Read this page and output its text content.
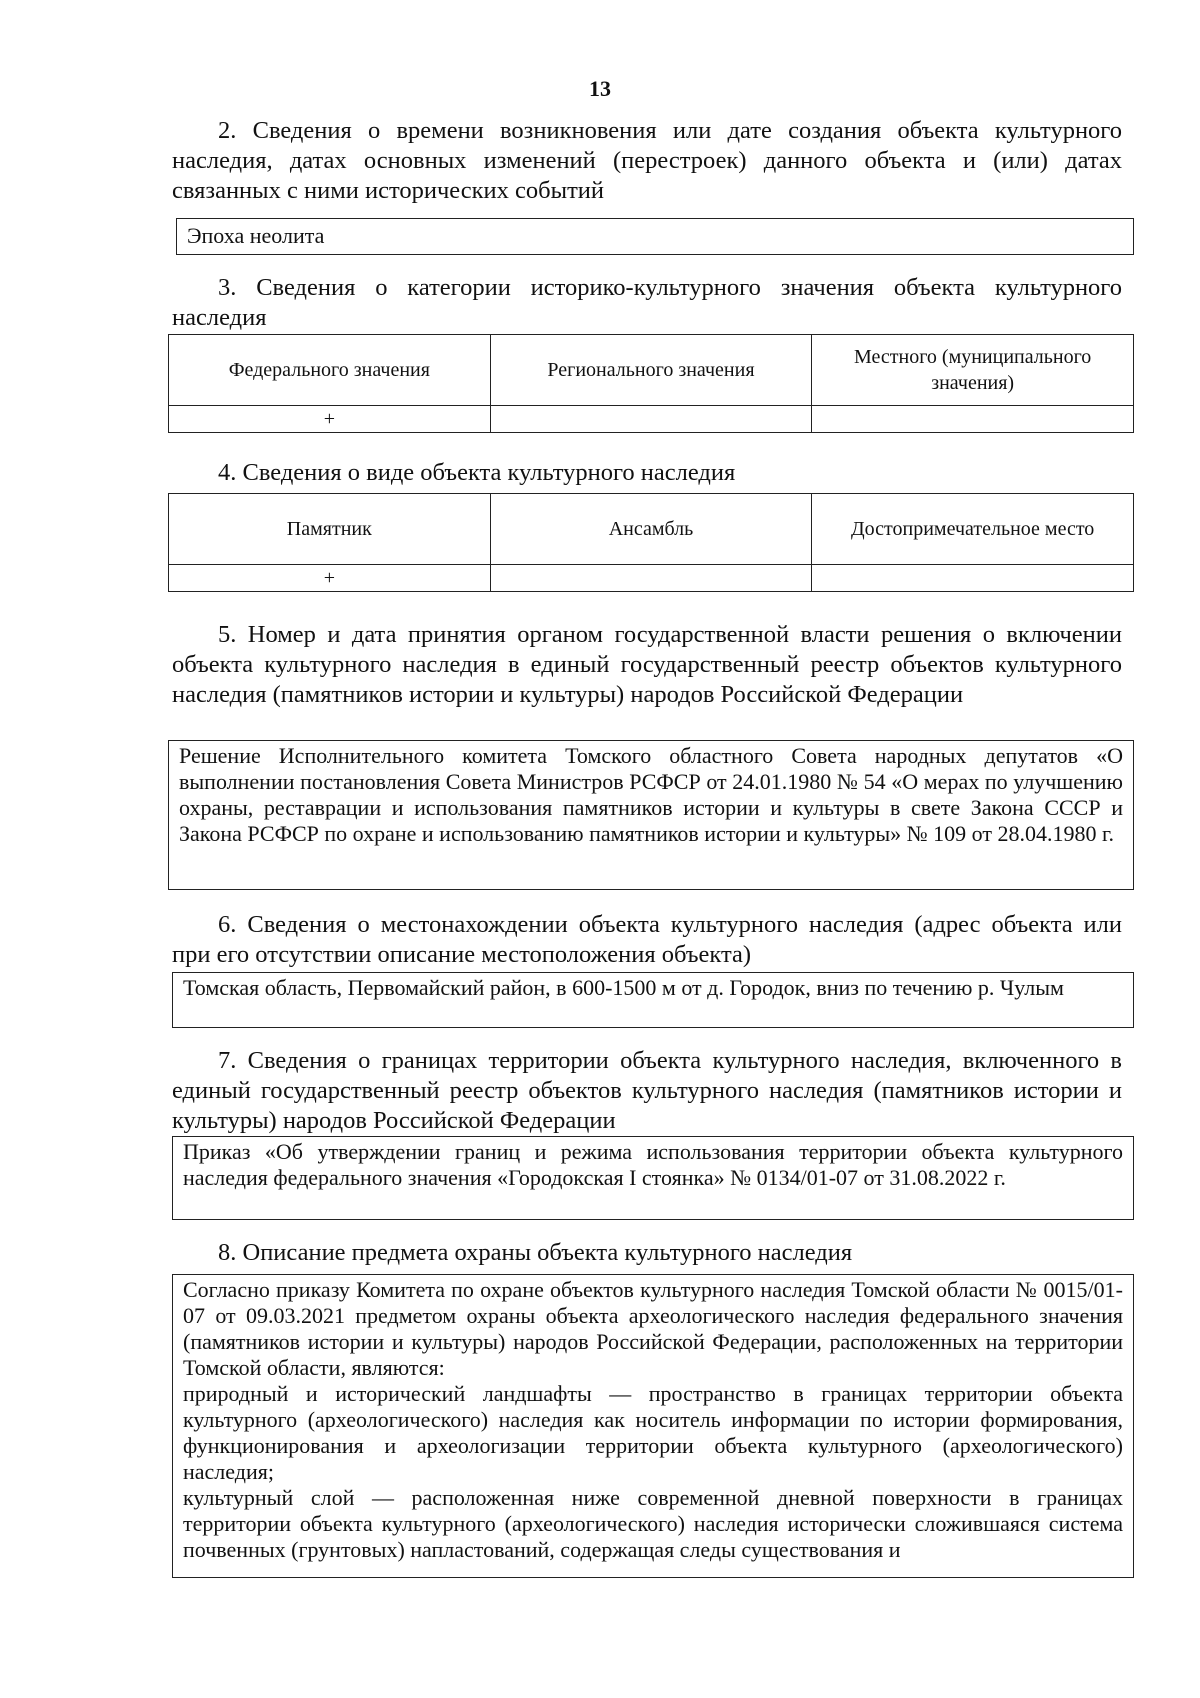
13
2. Сведения о времени возникновения или дате создания объекта культурного наследия, датах основных изменений (перестроек) данного объекта и (или) датах связанных с ними исторических событий
Эпоха неолита
3. Сведения о категории историко-культурного значения объекта культурного наследия
Федерального значения	Регионального значения	Местного (муниципального значения)
+		
4. Сведения о виде объекта культурного наследия
Памятник	Ансамбль	Достопримечательное место
+		
5. Номер и дата принятия органом государственной власти решения о включении объекта культурного наследия в единый государственный реестр объектов культурного наследия (памятников истории и культуры) народов Российской Федерации
Решение Исполнительного комитета Томского областного Совета народных депутатов «О выполнении постановления Совета Министров РСФСР от 24.01.1980 № 54 «О мерах по улучшению охраны, реставрации и использования памятников истории и культуры в свете Закона СССР и Закона РСФСР по охране и использованию памятников истории и культуры» № 109 от 28.04.1980 г.
6. Сведения о местонахождении объекта культурного наследия (адрес объекта или при его отсутствии описание местоположения объекта)
Томская область, Первомайский район, в 600-1500 м от д. Городок, вниз по течению р. Чулым
7. Сведения о границах территории объекта культурного наследия, включенного в единый государственный реестр объектов культурного наследия (памятников истории и культуры) народов Российской Федерации
Приказ «Об утверждении границ и режима использования территории объекта культурного наследия федерального значения «Городокская I стоянка» № 0134/01-07 от 31.08.2022 г.
8. Описание предмета охраны объекта культурного наследия

Согласно приказу Комитета по охране объектов культурного наследия Томской области № 0015/01-07 от 09.03.2021 предметом охраны объекта археологического наследия федерального значения (памятников истории и культуры) народов Российской Федерации, расположенных на территории Томской области, являются:

природный и исторический ландшафты — пространство в границах территории объекта культурного (археологического) наследия как носитель информации по истории формирования, функционирования и археологизации территории объекта культурного (археологического) наследия;

культурный слой — расположенная ниже современной дневной поверхности в границах территории объекта культурного (археологического) наследия исторически сложившаяся система почвенных (грунтовых) напластований, содержащая следы существования и
